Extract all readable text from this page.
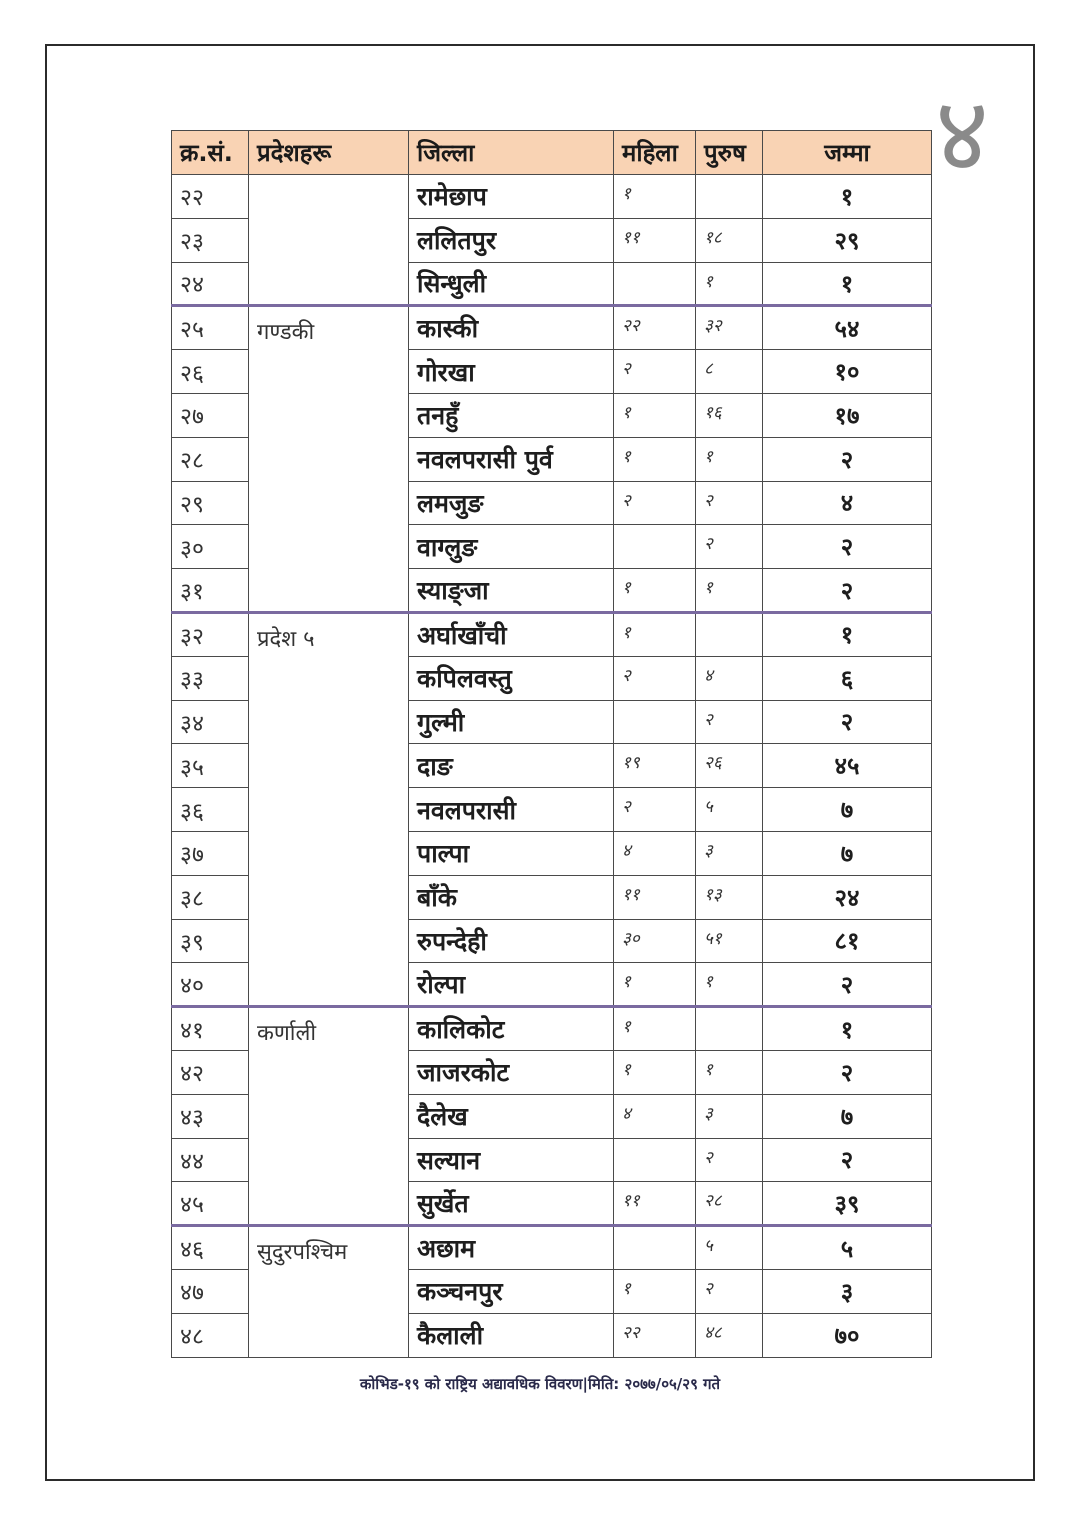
४
क्र.सं.	प्रदेशहरू	जिल्ला	महिला	पुरुष	जम्मा
२२		रामेछाप	१		१
२३		ललितपुर	११	१८	२९
२४		सिन्धुली		१	१
२५	गण्डकी	कास्की	२२	३२	५४
२६		गोरखा	२	८	१०
२७		तनहुँ	१	१६	१७
२८		नवलपरासी पुर्व	१	१	२
२९		लमजुङ	२	२	४
३०		वाग्लुङ		२	२
३१		स्याङ्जा	१	१	२
३२	प्रदेश ५	अर्घाखाँची	१		१
३३		कपिलवस्तु	२	४	६
३४		गुल्मी		२	२
३५		दाङ	१९	२६	४५
३६		नवलपरासी	२	५	७
३७		पाल्पा	४	३	७
३८		बाँके	११	१३	२४
३९		रुपन्देही	३०	५१	८१
४०		रोल्पा	१	१	२
४१	कर्णाली	कालिकोट	१		१
४२		जाजरकोट	१	१	२
४३		दैलेख	४	३	७
४४		सल्यान		२	२
४५		सुर्खेत	११	२८	३९
४६	सुदुरपश्चिम	अछाम		५	५
४७		कञ्चनपुर	१	२	३
४८		कैलाली	२२	४८	७०
कोभिड-१९ को राष्ट्रिय अद्यावधिक विवरण|मिति: २०७७/०५/२९ गते
